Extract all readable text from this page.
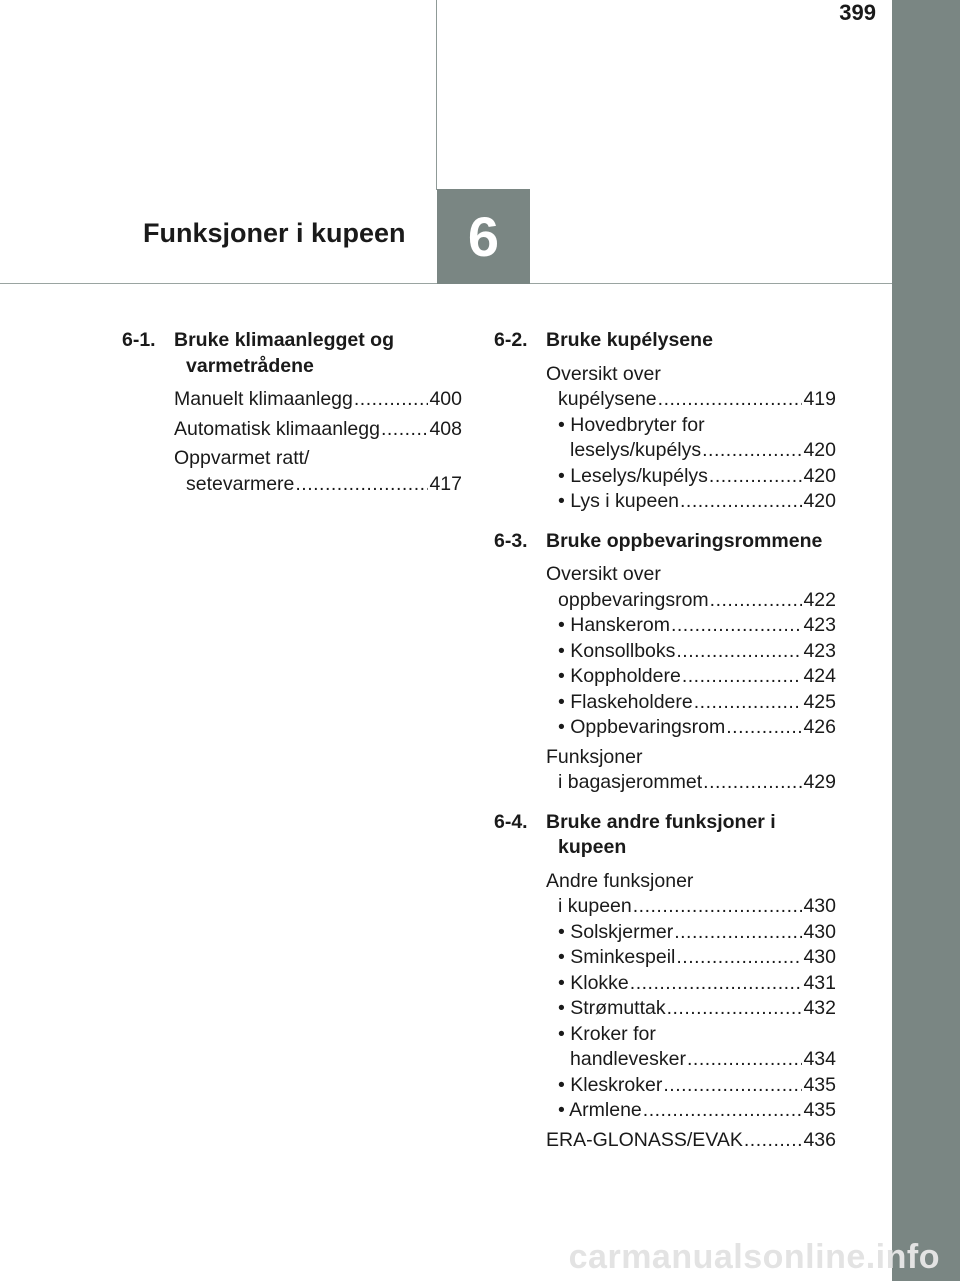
399
Funksjoner i kupeen	6
6-1. Bruke klimaanlegget og varmetrådene
Manuelt klimaanlegg .....	400
Automatisk klimaanlegg .....	408
Oppvarmet ratt/
setevarmere .....	417
6-2. Bruke kupélysene
Oversikt over
kupélysene .....	419
• Hovedbryter for
leselys/kupélys .....	420
• Leselys/kupélys .....	420
• Lys i kupeen .....	420
6-3. Bruke oppbevaringsrommene
Oversikt over
oppbevaringsrom .....	422
• Hanskerom .....	423
• Konsollboks .....	423
• Koppholdere .....	424
• Flaskeholdere .....	425
• Oppbevaringsrom .....	426
Funksjoner
i bagasjerommet .....	429
6-4. Bruke andre funksjoner i kupeen
Andre funksjoner
i kupeen .....	430
• Solskjermer .....	430
• Sminkespeil .....	430
• Klokke .....	431
• Strømuttak .....	432
• Kroker for
handlevesker .....	434
• Kleskroker .....	435
• Armlene .....	435
ERA-GLONASS/EVAK .....	436
carmanualsonline.info
